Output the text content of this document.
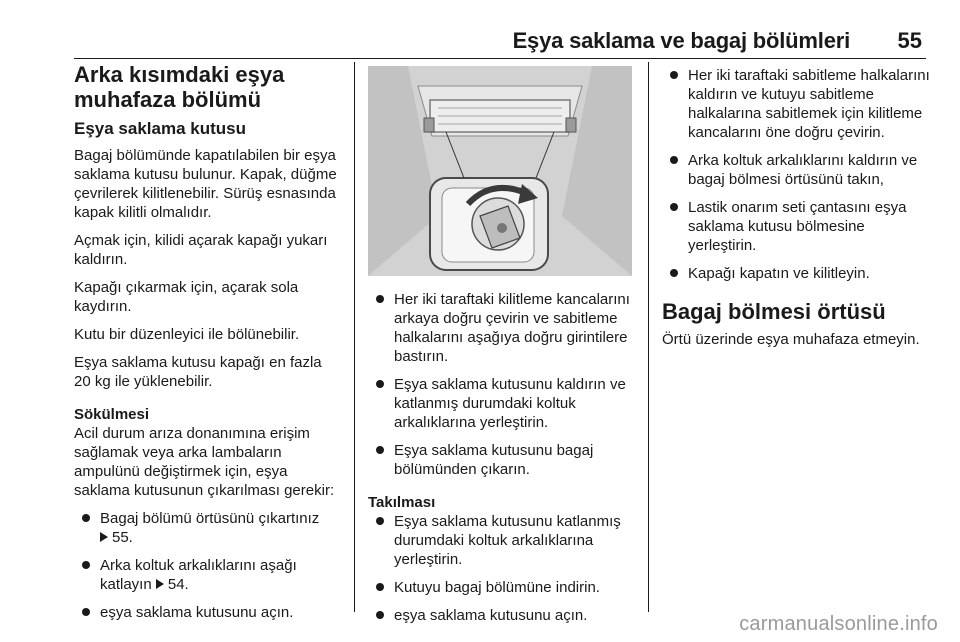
Eşya saklama ve bagaj bölümleri 55
Arka kısımdaki eşya muhafaza bölümü
Eşya saklama kutusu

Bagaj bölümünde kapatılabilen bir eşya saklama kutusu bulunur. Kapak, düğme çevrilerek kilitlenebilir. Sürüş esnasında kapak kilitli olmalıdır.

Açmak için, kilidi açarak kapağı yukarı kaldırın.

Kapağı çıkarmak için, açarak sola kaydırın.

Kutu bir düzenleyici ile bölünebilir.

Eşya saklama kutusu kapağı en fazla 20 kg ile yüklenebilir.

Sökülmesi

Acil durum arıza donanımına erişim sağlamak veya arka lambaların ampulünü değiştirmek için, eşya saklama kutusunun çıkarılması gerekir:

Bagaj bölümü örtüsünü çıkartınız
55.
Arka koltuk arkalıklarını aşağı katlayın 54.
eşya saklama kutusunu açın.
Her iki taraftaki kilitleme kancalarını arkaya doğru çevirin ve sabitleme halkalarını aşağıya doğru girintilere bastırın.
Eşya saklama kutusunu kaldırın ve katlanmış durumdaki koltuk arkalıklarına yerleştirin.
Eşya saklama kutusunu bagaj bölümünden çıkarın.
Takılması
Eşya saklama kutusunu katlanmış durumdaki koltuk arkalıklarına yerleştirin.
Kutuyu bagaj bölümüne indirin.
eşya saklama kutusunu açın.
Her iki taraftaki sabitleme halkalarını kaldırın ve kutuyu sabitleme halkalarına sabitlemek için kilitleme kancalarını öne doğru çevirin.
Arka koltuk arkalıklarını kaldırın ve bagaj bölmesi örtüsünü takın,
Lastik onarım seti çantasını eşya saklama kutusu bölmesine yerleştirin.
Kapağı kapatın ve kilitleyin.
Bagaj bölmesi örtüsü

Örtü üzerinde eşya muhafaza etmeyin.

carmanualsonline.info
